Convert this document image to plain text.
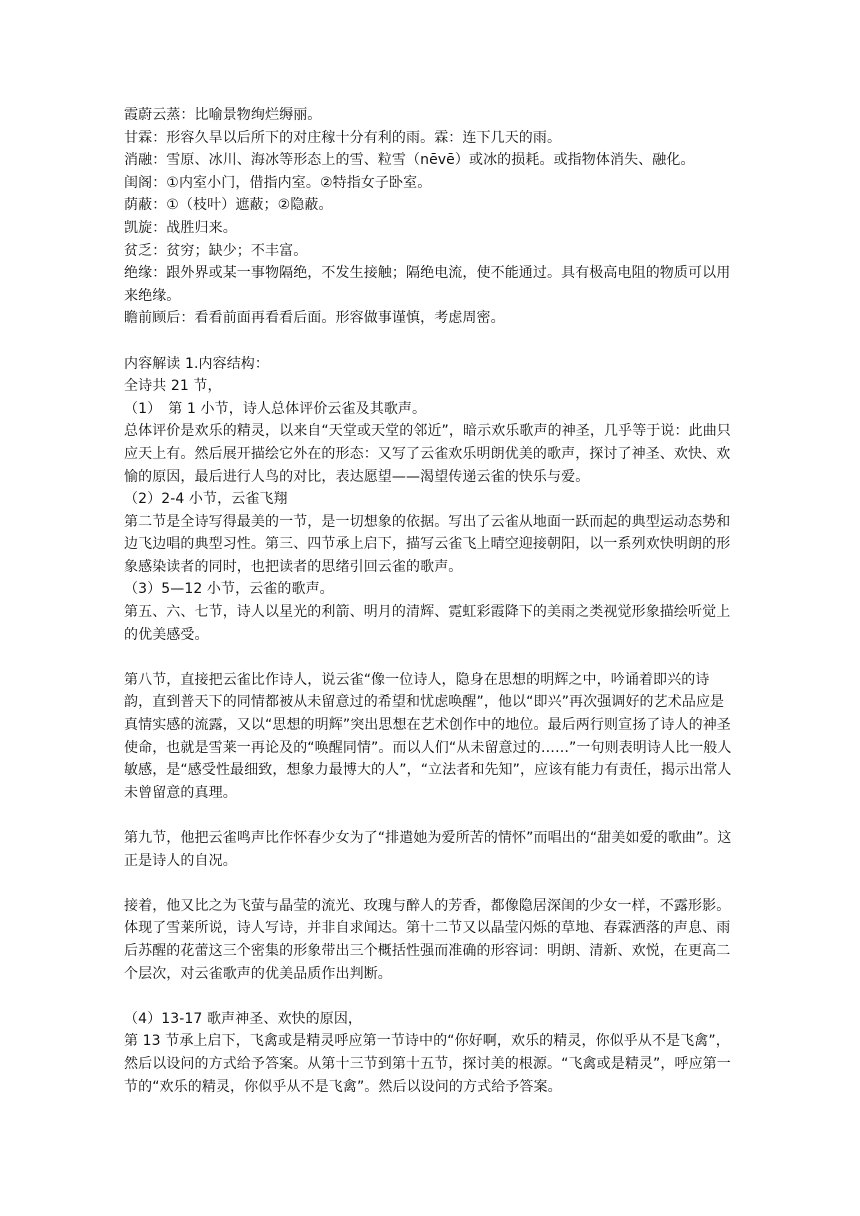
霞蔚云蒸：比喻景物绚烂缛丽。

甘霖：形容久旱以后所下的对庄稼十分有利的雨。霖：连下几天的雨。

消融：雪原、冰川、海冰等形态上的雪、粒雪（nēvē）或冰的损耗。或指物体消失、融化。

闺阁：①内室小门，借指内室。②特指女子卧室。

荫蔽：①（枝叶）遮蔽；②隐蔽。

凯旋：战胜归来。

贫乏：贫穷；缺少；不丰富。

绝缘：跟外界或某一事物隔绝，不发生接触；隔绝电流，使不能通过。具有极高电阻的物质可以用来绝缘。

瞻前顾后：看看前面再看看后面。形容做事谨慎，考虑周密。

内容解读 1.内容结构：

全诗共 21 节，

（1）　第 1 小节，诗人总体评价云雀及其歌声。

总体评价是欢乐的精灵，以来自“天堂或天堂的邻近”，暗示欢乐歌声的神圣，几乎等于说：此曲只应天上有。然后展开描绘它外在的形态：又写了云雀欢乐明朗优美的歌声，探讨了神圣、欢快、欢愉的原因，最后进行人鸟的对比，表达愿望——渴望传递云雀的快乐与爱。

（2）2-4 小节，云雀飞翔

第二节是全诗写得最美的一节，是一切想象的依据。写出了云雀从地面一跃而起的典型运动态势和边飞边唱的典型习性。第三、四节承上启下，描写云雀飞上晴空迎接朝阳，以一系列欢快明朗的形象感染读者的同时，也把读者的思绪引回云雀的歌声。

（3）5—12 小节，云雀的歌声。

第五、六、七节，诗人以星光的利箭、明月的清辉、霓虹彩霞降下的美雨之类视觉形象描绘听觉上的优美感受。

第八节，直接把云雀比作诗人，说云雀“像一位诗人，隐身在思想的明辉之中，吟诵着即兴的诗韵，直到普天下的同情都被从未留意过的希望和忧虑唤醒”，他以“即兴”再次强调好的艺术品应是真情实感的流露，又以“思想的明辉”突出思想在艺术创作中的地位。最后两行则宣扬了诗人的神圣使命，也就是雪莱一再论及的“唤醒同情”。而以人们“从未留意过的……”一句则表明诗人比一般人敏感，是“感受性最细致，想象力最博大的人”，“立法者和先知”，应该有能力有责任，揭示出常人未曾留意的真理。

第九节，他把云雀鸣声比作怀春少女为了“排遣她为爱所苦的情怀”而唱出的“甜美如爱的歌曲”。这正是诗人的自况。

接着，他又比之为飞萤与晶莹的流光、玫瑰与醉人的芳香，都像隐居深闺的少女一样，不露形影。体现了雪莱所说，诗人写诗，并非自求闻达。第十二节又以晶莹闪烁的草地、春霖洒落的声息、雨后苏醒的花蕾这三个密集的形象带出三个概括性强而准确的形容词：明朗、清新、欢悦，在更高二个层次，对云雀歌声的优美品质作出判断。

（4）13-17 歌声神圣、欢快的原因，

第 13 节承上启下，飞禽或是精灵呼应第一节诗中的“你好啊，欢乐的精灵，你似乎从不是飞禽”，然后以设问的方式给予答案。从第十三节到第十五节，探讨美的根源。“飞禽或是精灵”，呼应第一节的“欢乐的精灵，你似乎从不是飞禽”。然后以设问的方式给予答案。
